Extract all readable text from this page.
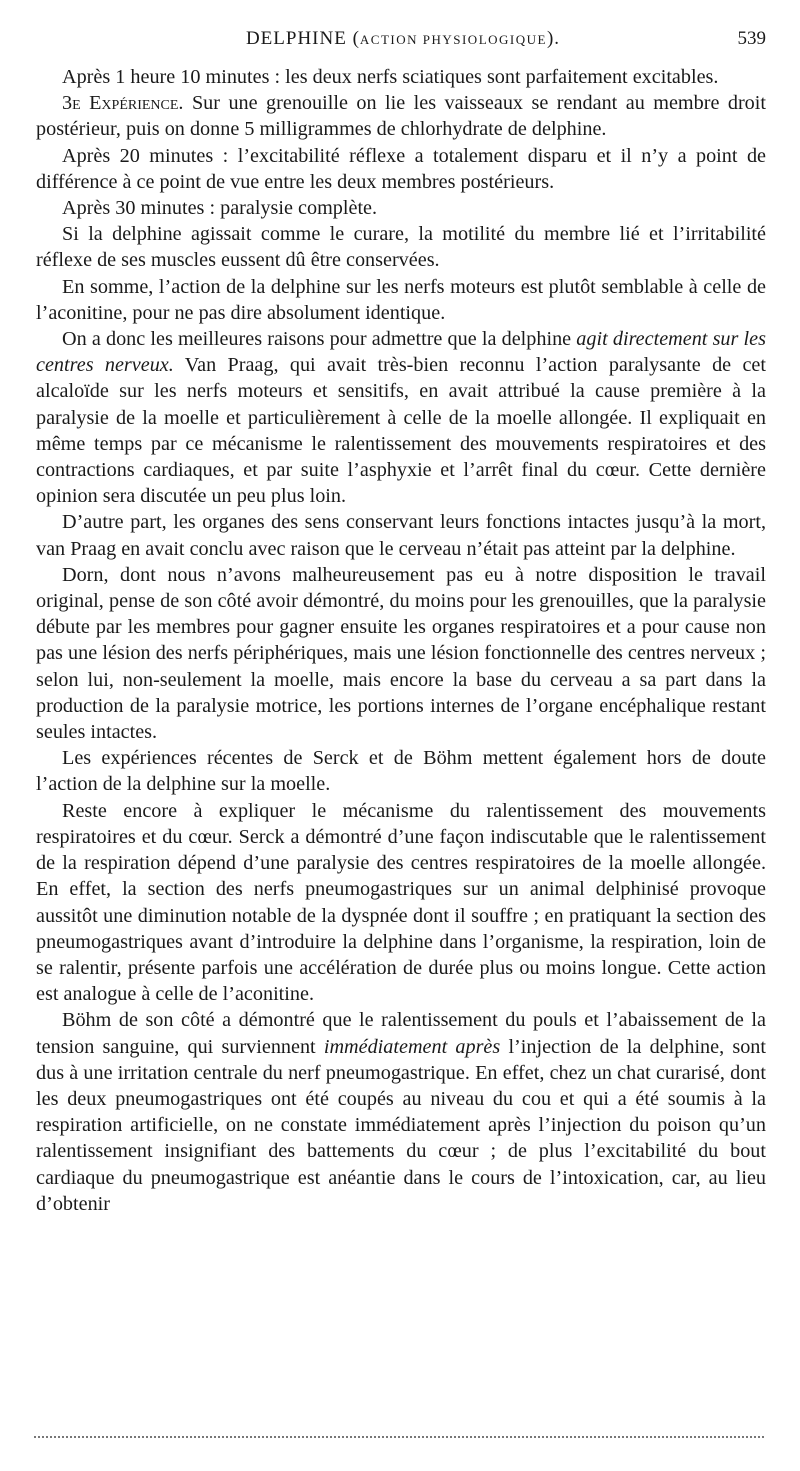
DELPHINE (ACTION PHYSIOLOGIQUE).	539

Après 1 heure 10 minutes : les deux nerfs sciatiques sont parfaitement excitables.

3e Expérience. Sur une grenouille on lie les vaisseaux se rendant au membre droit postérieur, puis on donne 5 milligrammes de chlorhydrate de delphine.

Après 20 minutes : l’excitabilité réflexe a totalement disparu et il n’y a point de différence à ce point de vue entre les deux membres postérieurs.

Après 30 minutes : paralysie complète.

Si la delphine agissait comme le curare, la motilité du membre lié et l’irritabilité réflexe de ses muscles eussent dû être conservées.

En somme, l’action de la delphine sur les nerfs moteurs est plutôt semblable à celle de l’aconitine, pour ne pas dire absolument identique.

On a donc les meilleures raisons pour admettre que la delphine agit directement sur les centres nerveux. Van Praag, qui avait très-bien reconnu l’action paralysante de cet alcaloïde sur les nerfs moteurs et sensitifs, en avait attribué la cause première à la paralysie de la moelle et particulièrement à celle de la moelle allongée. Il expliquait en même temps par ce mécanisme le ralentissement des mouvements respiratoires et des contractions cardiaques, et par suite l’asphyxie et l’arrêt final du cœur. Cette dernière opinion sera discutée un peu plus loin.

D’autre part, les organes des sens conservant leurs fonctions intactes jusqu’à la mort, van Praag en avait conclu avec raison que le cerveau n’était pas atteint par la delphine.

Dorn, dont nous n’avons malheureusement pas eu à notre disposition le travail original, pense de son côté avoir démontré, du moins pour les grenouilles, que la paralysie débute par les membres pour gagner ensuite les organes respiratoires et a pour cause non pas une lésion des nerfs périphériques, mais une lésion fonctionnelle des centres nerveux ; selon lui, non-seulement la moelle, mais encore la base du cerveau a sa part dans la production de la paralysie motrice, les portions internes de l’organe encéphalique restant seules intactes.

Les expériences récentes de Serck et de Böhm mettent également hors de doute l’action de la delphine sur la moelle.

Reste encore à expliquer le mécanisme du ralentissement des mouvements respiratoires et du cœur. Serck a démontré d’une façon indiscutable que le ralentissement de la respiration dépend d’une paralysie des centres respiratoires de la moelle allongée. En effet, la section des nerfs pneumogastriques sur un animal delphinisé provoque aussitôt une diminution notable de la dyspnée dont il souffre ; en pratiquant la section des pneumogastriques avant d’introduire la delphine dans l’organisme, la respiration, loin de se ralentir, présente parfois une accélération de durée plus ou moins longue. Cette action est analogue à celle de l’aconitine.

Böhm de son côté a démontré que le ralentissement du pouls et l’abaissement de la tension sanguine, qui surviennent immédiatement après l’injection de la delphine, sont dus à une irritation centrale du nerf pneumogastrique. En effet, chez un chat curarisé, dont les deux pneumogastriques ont été coupés au niveau du cou et qui a été soumis à la respiration artificielle, on ne constate immédiatement après l’injection du poison qu’un ralentissement insignifiant des battements du cœur ; de plus l’excitabilité du bout cardiaque du pneumogastrique est anéantie dans le cours de l’intoxication, car, au lieu d’obtenir
